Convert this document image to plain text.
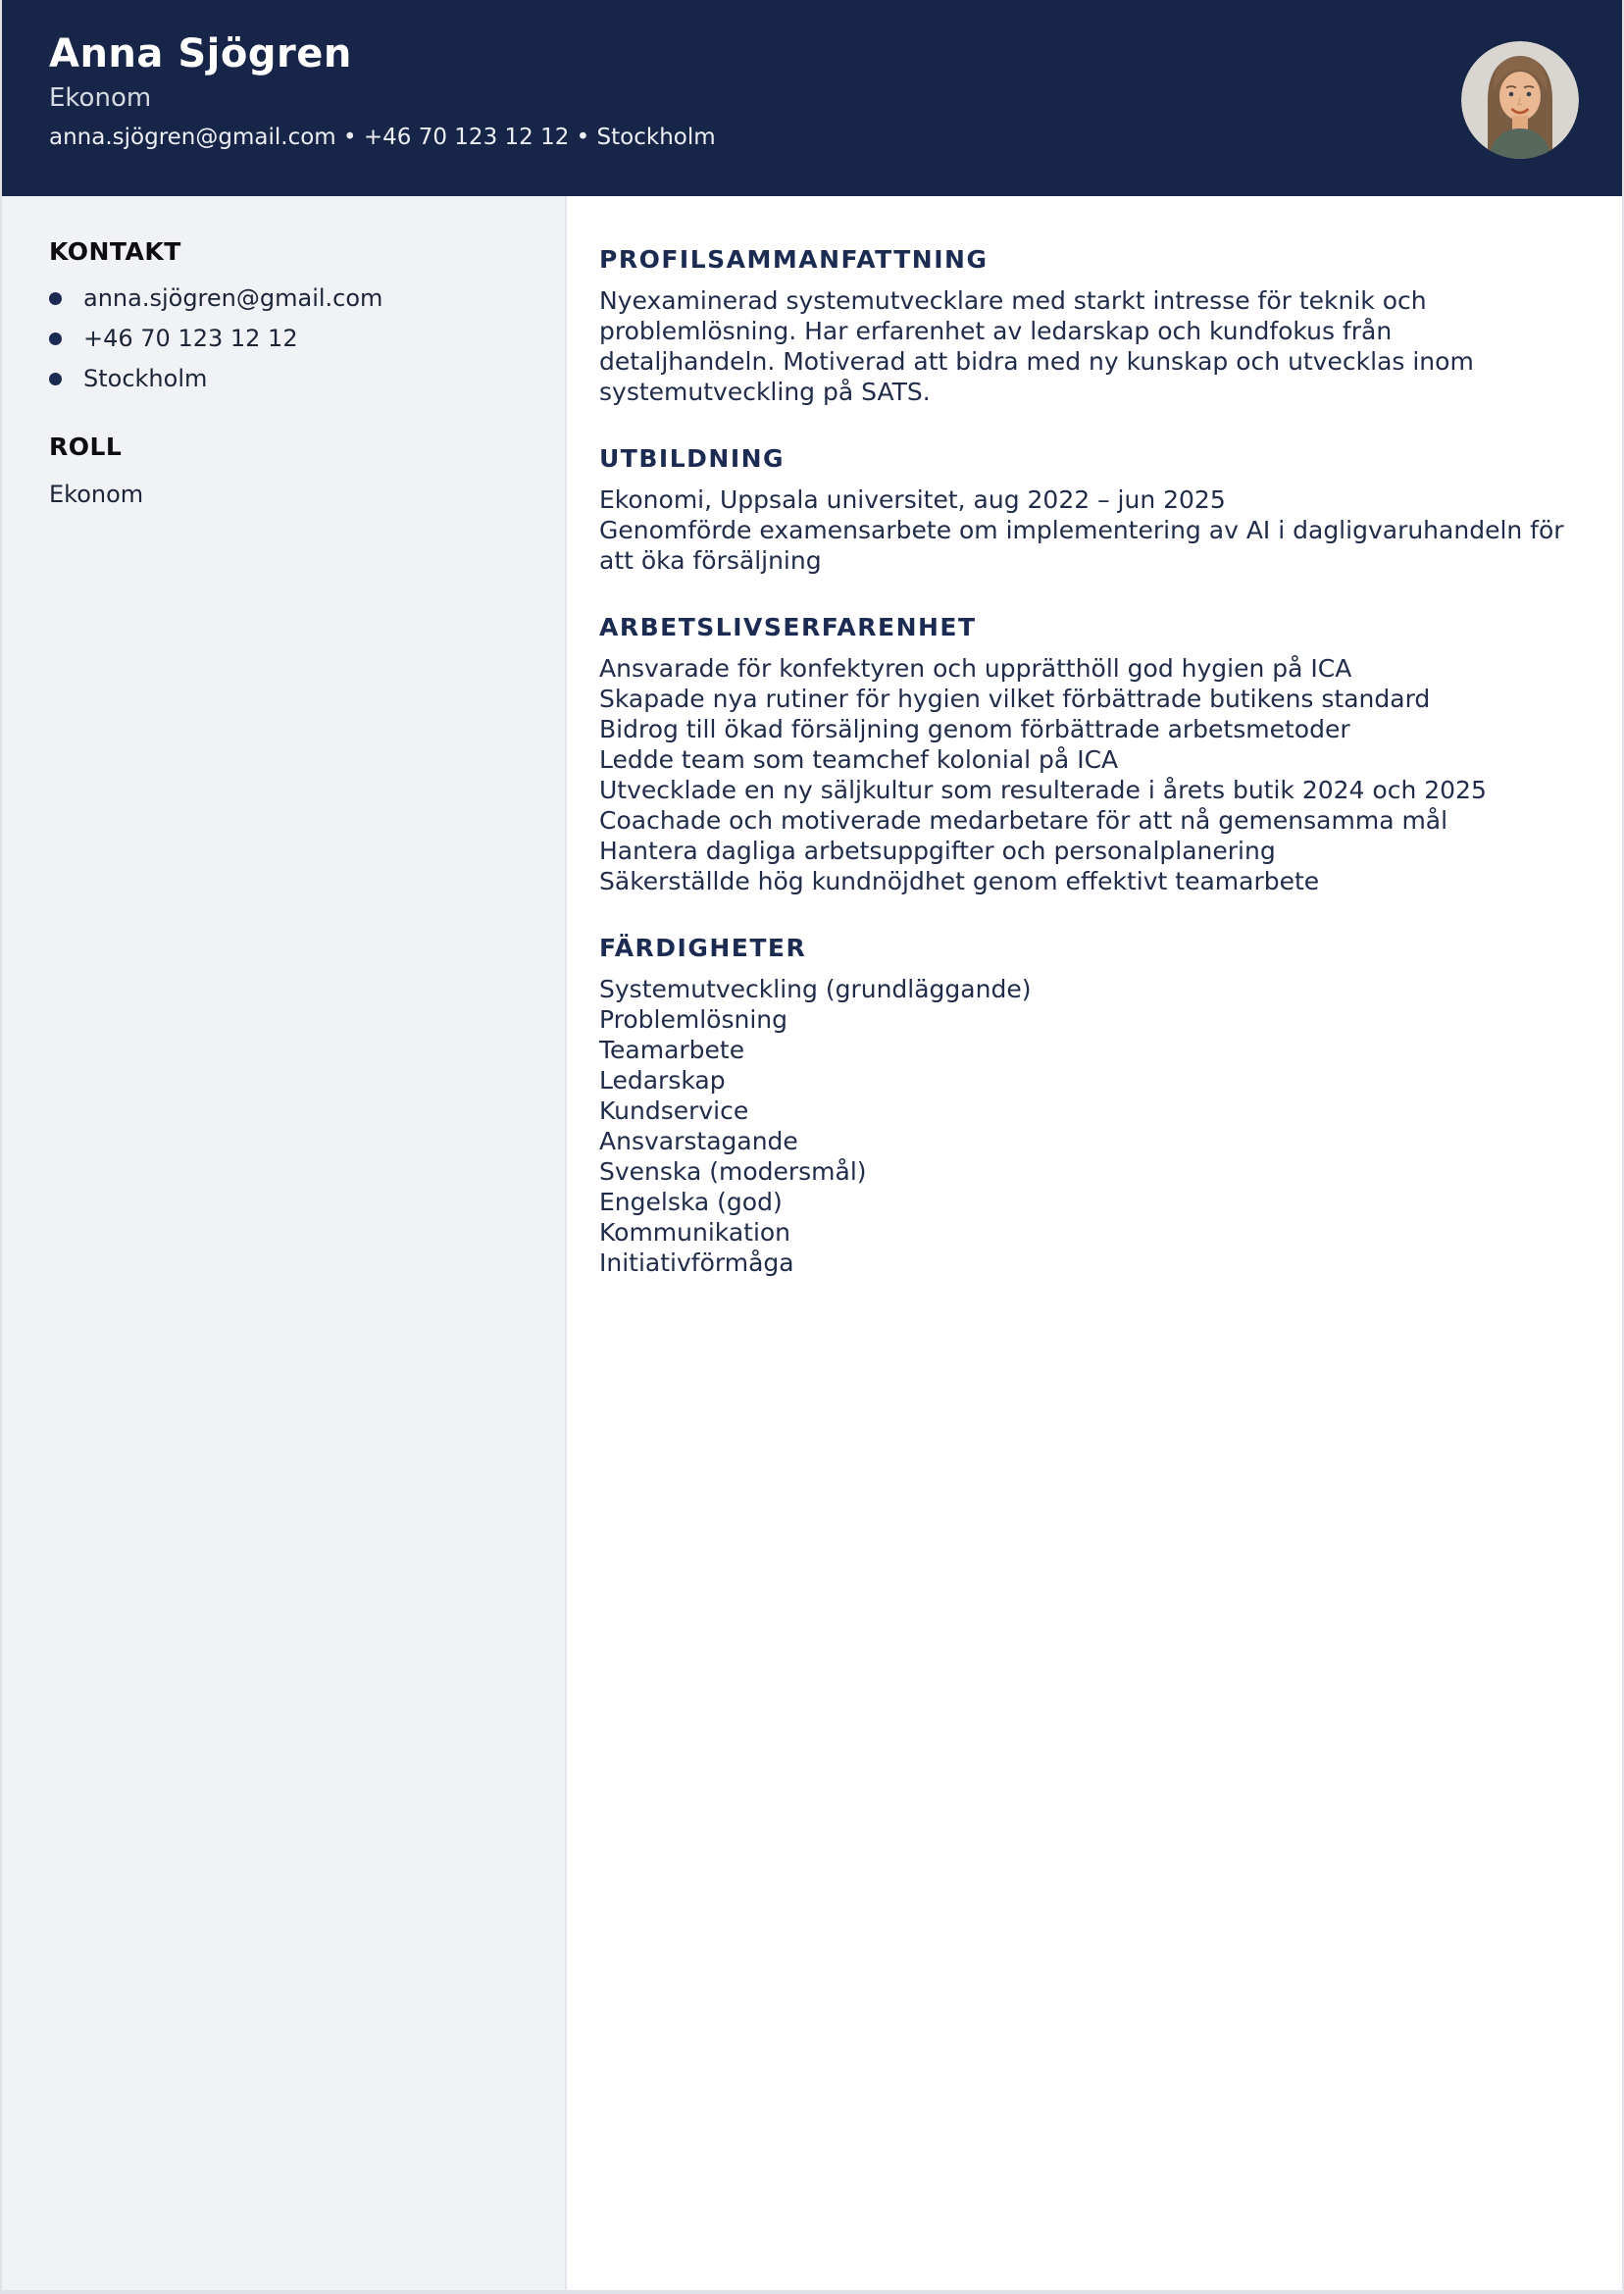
Anna Sjögren
Ekonom
anna.sjögren@gmail.com • +46 70 123 12 12 • Stockholm
KONTAKT
anna.sjögren@gmail.com
+46 70 123 12 12
Stockholm
ROLL
Ekonom
PROFILSAMMANFATTNING
Nyexaminerad systemutvecklare med starkt intresse för teknik och problemlösning. Har erfarenhet av ledarskap och kundfokus från detaljhandeln. Motiverad att bidra med ny kunskap och utvecklas inom systemutveckling på SATS.
UTBILDNING
Ekonomi, Uppsala universitet, aug 2022 – jun 2025
Genomförde examensarbete om implementering av AI i dagligvaruhandeln för att öka försäljning
ARBETSLIVSERFARENHET
Ansvarade för konfektyren och upprätthöll god hygien på ICA
Skapade nya rutiner för hygien vilket förbättrade butikens standard
Bidrog till ökad försäljning genom förbättrade arbetsmetoder
Ledde team som teamchef kolonial på ICA
Utvecklade en ny säljkultur som resulterade i årets butik 2024 och 2025
Coachade och motiverade medarbetare för att nå gemensamma mål
Hantera dagliga arbetsuppgifter och personalplanering
Säkerställde hög kundnöjdhet genom effektivt teamarbete
FÄRDIGHETER
Systemutveckling (grundläggande)
Problemlösning
Teamarbete
Ledarskap
Kundservice
Ansvarstagande
Svenska (modersmål)
Engelska (god)
Kommunikation
Initiativförmåga
